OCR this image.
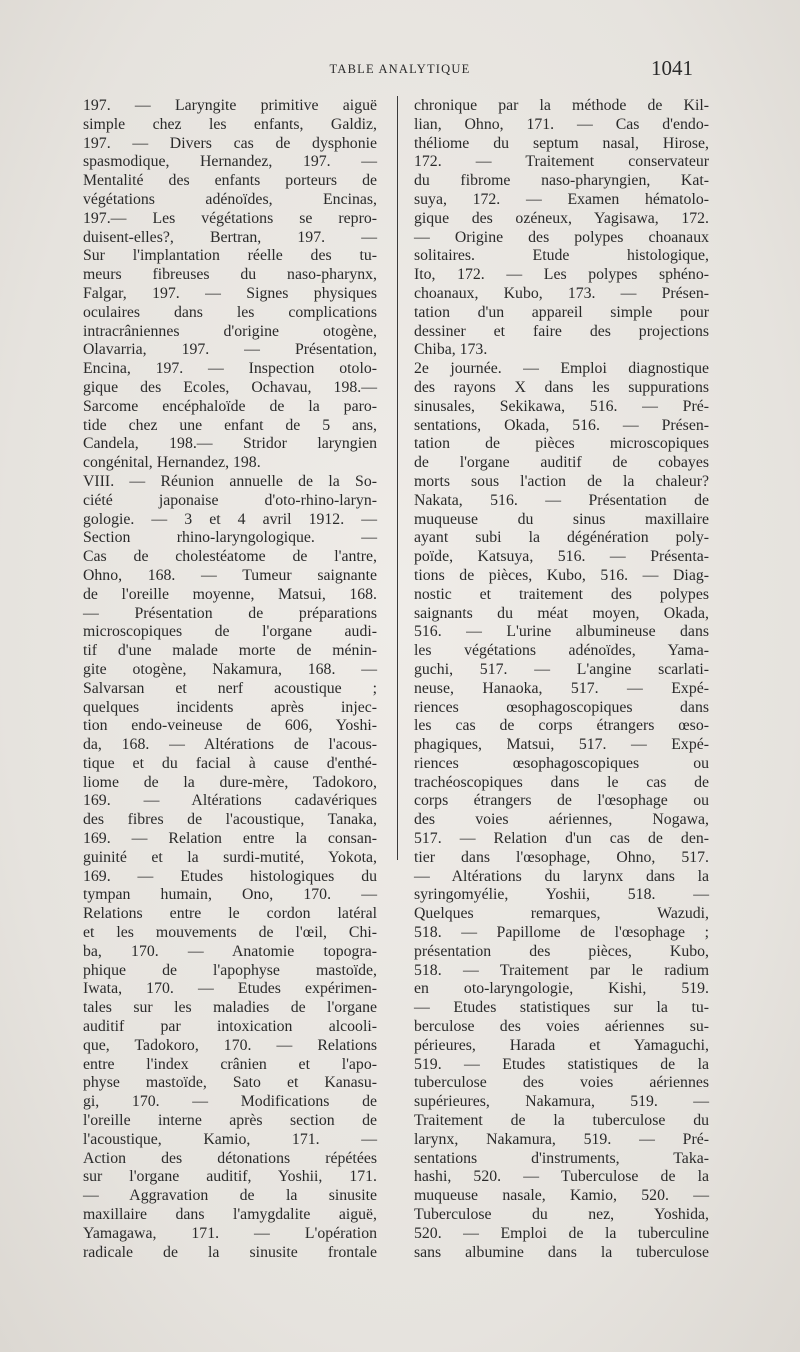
TABLE ANALYTIQUE	1041
197. — Laryngite primitive aiguë
simple chez les enfants, Galdiz,
197. — Divers cas de dysphonie
spasmodique, Hernandez, 197. —
Mentalité des enfants porteurs de
végétations adénoïdes, Encinas,
197.— Les végétations se repro-
duisent-elles?, Bertran, 197. —
Sur l'implantation réelle des tu-
meurs fibreuses du naso-pharynx,
Falgar, 197. — Signes physiques
oculaires dans les complications
intracrâniennes d'origine otogène,
Olavarria, 197. — Présentation,
Encina, 197. — Inspection otolo-
gique des Ecoles, Ochavau, 198.—
Sarcome encéphaloïde de la paro-
tide chez une enfant de 5 ans,
Candela, 198.— Stridor laryngien
congénital, Hernandez, 198.
VIII. — Réunion annuelle de la So-
ciété japonaise d'oto-rhino-laryn-
gologie. — 3 et 4 avril 1912. —
Section rhino-laryngologique. —
Cas de cholestéatome de l'antre,
Ohno, 168. — Tumeur saignante
de l'oreille moyenne, Matsui, 168.
— Présentation de préparations
microscopiques de l'organe audi-
tif d'une malade morte de ménin-
gite otogène, Nakamura, 168. —
Salvarsan et nerf acoustique ;
quelques incidents après injec-
tion endo-veineuse de 606, Yoshi-
da, 168. — Altérations de l'acous-
tique et du facial à cause d'enthé-
liome de la dure-mère, Tadokoro,
169. — Altérations cadavériques
des fibres de l'acoustique, Tanaka,
169. — Relation entre la consan-
guinité et la surdi-mutité, Yokota,
169. — Etudes histologiques du
tympan humain, Ono, 170. —
Relations entre le cordon latéral
et les mouvements de l'œil, Chi-
ba, 170. — Anatomie topogra-
phique de l'apophyse mastoïde,
Iwata, 170. — Etudes expérimen-
tales sur les maladies de l'organe
auditif par intoxication alcooli-
que, Tadokoro, 170. — Relations
entre l'index crânien et l'apo-
physe mastoïde, Sato et Kanasu-
gi, 170. — Modifications de
l'oreille interne après section de
l'acoustique, Kamio, 171. —
Action des détonations répétées
sur l'organe auditif, Yoshii, 171.
— Aggravation de la sinusite
maxillaire dans l'amygdalite aiguë,
Yamagawa, 171. — L'opération
radicale de la sinusite frontale
chronique par la méthode de Kil-
lian, Ohno, 171. — Cas d'endo-
théliome du septum nasal, Hirose,
172. — Traitement conservateur
du fibrome naso-pharyngien, Kat-
suya, 172. — Examen hématolo-
gique des ozéneux, Yagisawa, 172.
— Origine des polypes choanaux
solitaires. Etude histologique,
Ito, 172. — Les polypes sphéno-
choanaux, Kubo, 173. — Présen-
tation d'un appareil simple pour
dessiner et faire des projections
Chiba, 173.
2e journée. — Emploi diagnostique
des rayons X dans les suppurations
sinusales, Sekikawa, 516. — Pré-
sentations, Okada, 516. — Présen-
tation de pièces microscopiques
de l'organe auditif de cobayes
morts sous l'action de la chaleur?
Nakata, 516. — Présentation de
muqueuse du sinus maxillaire
ayant subi la dégénération poly-
poïde, Katsuya, 516. — Présenta-
tions de pièces, Kubo, 516. — Diag-
nostic et traitement des polypes
saignants du méat moyen, Okada,
516. — L'urine albumineuse dans
les végétations adénoïdes, Yama-
guchi, 517. — L'angine scarlati-
neuse, Hanaoka, 517. — Expé-
riences œsophagoscopiques dans
les cas de corps étrangers œso-
phagiques, Matsui, 517. — Expé-
riences œsophagoscopiques ou
trachéoscopiques dans le cas de
corps étrangers de l'œsophage ou
des voies aériennes, Nogawa,
517. — Relation d'un cas de den-
tier dans l'œsophage, Ohno, 517.
— Altérations du larynx dans la
syringomyélie, Yoshii, 518. —
Quelques remarques, Wazudi,
518. — Papillome de l'œsophage ;
présentation des pièces, Kubo,
518. — Traitement par le radium
en oto-laryngologie, Kishi, 519.
— Etudes statistiques sur la tu-
berculose des voies aériennes su-
périeures, Harada et Yamaguchi,
519. — Etudes statistiques de la
tuberculose des voies aériennes
supérieures, Nakamura, 519. —
Traitement de la tuberculose du
larynx, Nakamura, 519. — Pré-
sentations d'instruments, Taka-
hashi, 520. — Tuberculose de la
muqueuse nasale, Kamio, 520. —
Tuberculose du nez, Yoshida,
520. — Emploi de la tuberculine
sans albumine dans la tuberculose
